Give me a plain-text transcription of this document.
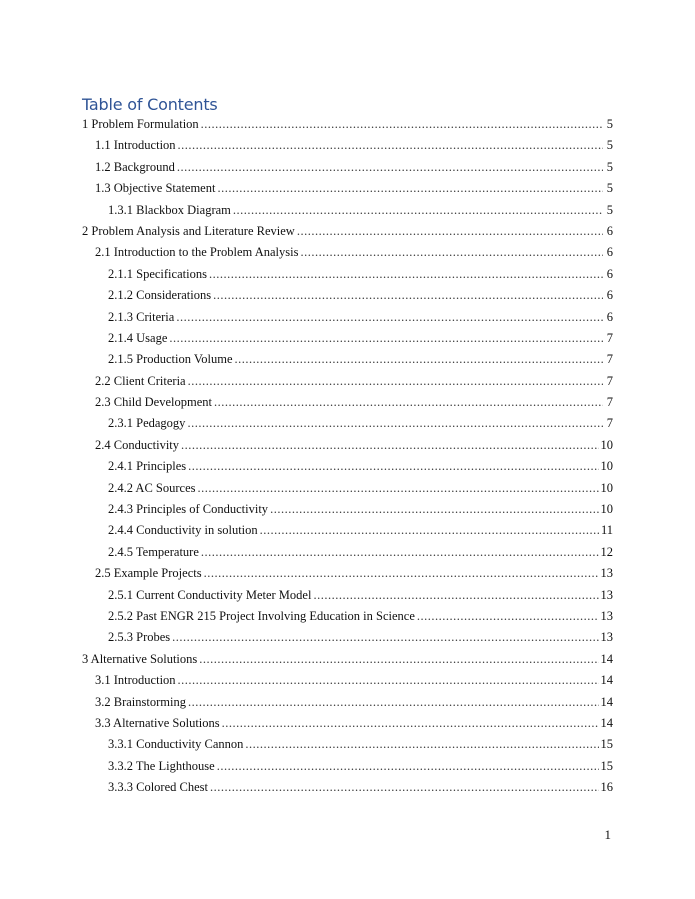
Table of Contents
1 Problem Formulation .....	5
1.1 Introduction .....	5
1.2 Background .....	5
1.3 Objective Statement .....	5
1.3.1 Blackbox Diagram .....	5
2 Problem Analysis and Literature Review .....	6
2.1 Introduction to the Problem Analysis .....	6
2.1.1 Specifications .....	6
2.1.2 Considerations .....	6
2.1.3 Criteria .....	6
2.1.4 Usage .....	7
2.1.5 Production Volume .....	7
2.2 Client Criteria .....	7
2.3 Child Development .....	7
2.3.1 Pedagogy .....	7
2.4 Conductivity .....	10
2.4.1 Principles .....	10
2.4.2 AC Sources .....	10
2.4.3 Principles of Conductivity .....	10
2.4.4 Conductivity in solution .....	11
2.4.5 Temperature .....	12
2.5 Example Projects .....	13
2.5.1 Current Conductivity Meter Model .....	13
2.5.2 Past ENGR 215 Project Involving Education in Science .....	13
2.5.3 Probes .....	13
3 Alternative Solutions .....	14
3.1 Introduction .....	14
3.2 Brainstorming .....	14
3.3 Alternative Solutions .....	14
3.3.1 Conductivity Cannon .....	15
3.3.2 The Lighthouse .....	15
3.3.3 Colored Chest .....	16
1
